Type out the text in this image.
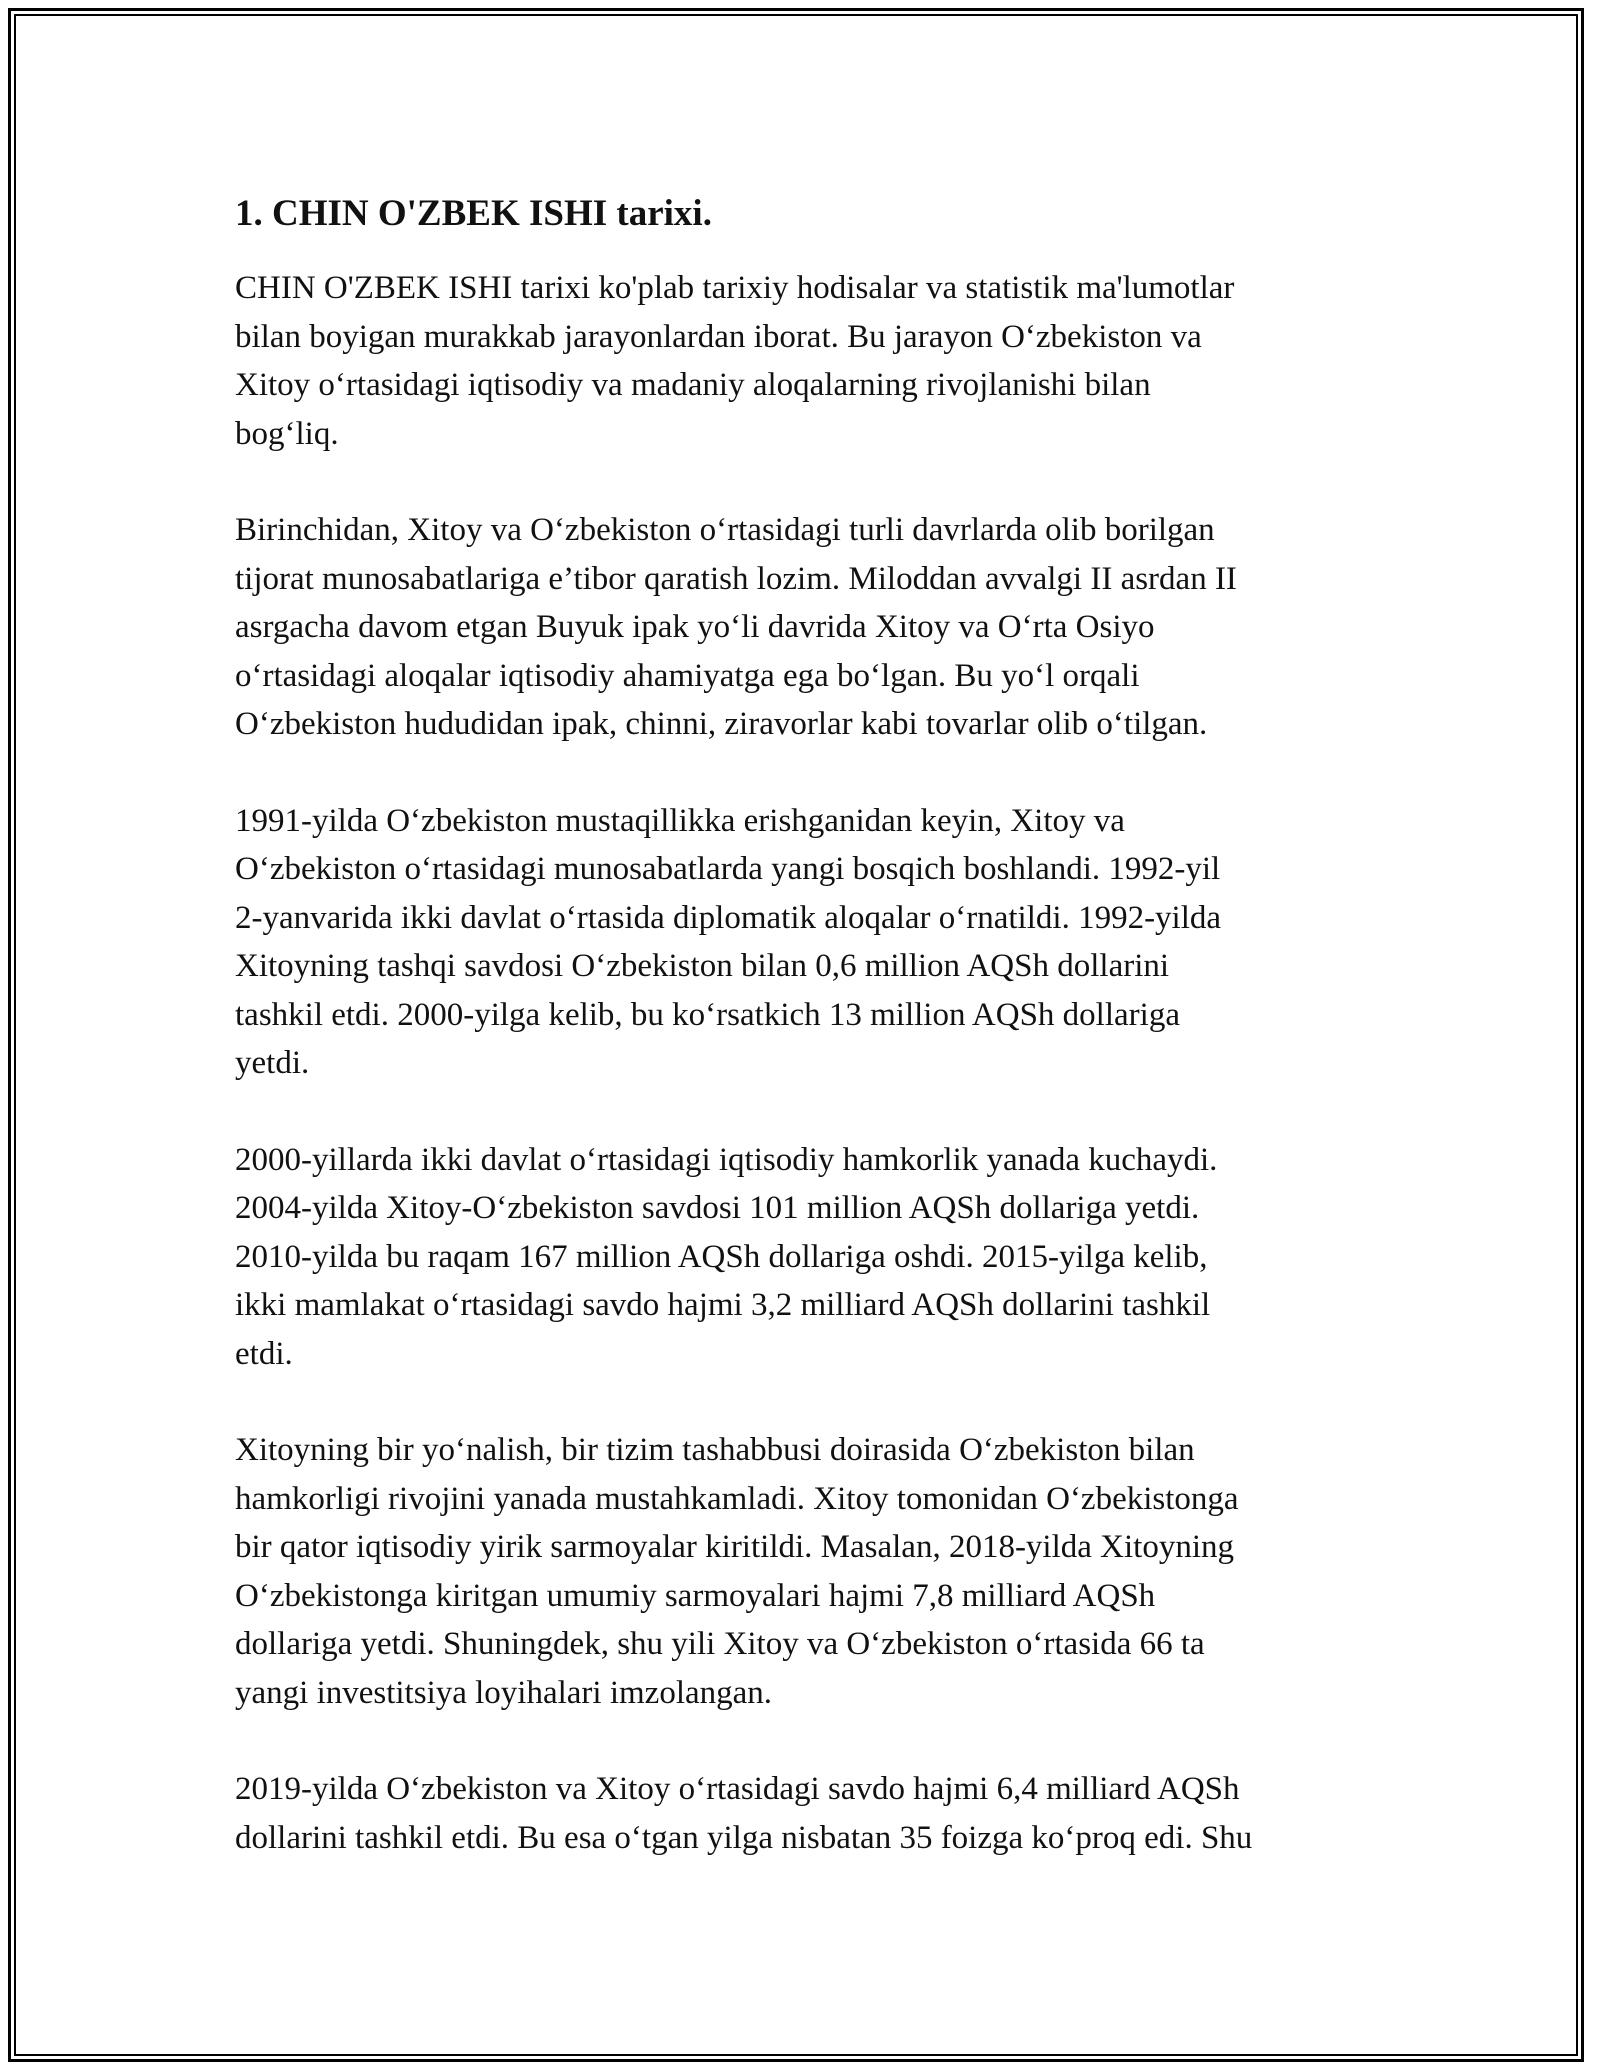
1. CHIN O'ZBEK ISHI tarixi.

CHIN O'ZBEK ISHI tarixi ko'plab tarixiy hodisalar va statistik ma'lumotlar
bilan boyigan murakkab jarayonlardan iborat. Bu jarayon O‘zbekiston va
Xitoy o‘rtasidagi iqtisodiy va madaniy aloqalarning rivojlanishi bilan
bog‘liq.

Birinchidan, Xitoy va O‘zbekiston o‘rtasidagi turli davrlarda olib borilgan
tijorat munosabatlariga e’tibor qaratish lozim. Miloddan avvalgi II asrdan II
asrgacha davom etgan Buyuk ipak yo‘li davrida Xitoy va O‘rta Osiyo
o‘rtasidagi aloqalar iqtisodiy ahamiyatga ega bo‘lgan. Bu yo‘l orqali
O‘zbekiston hududidan ipak, chinni, ziravorlar kabi tovarlar olib o‘tilgan.

1991-yilda O‘zbekiston mustaqillikka erishganidan keyin, Xitoy va
O‘zbekiston o‘rtasidagi munosabatlarda yangi bosqich boshlandi. 1992-yil
2-yanvarida ikki davlat o‘rtasida diplomatik aloqalar o‘rnatildi. 1992-yilda
Xitoyning tashqi savdosi O‘zbekiston bilan 0,6 million AQSh dollarini
tashkil etdi. 2000-yilga kelib, bu ko‘rsatkich 13 million AQSh dollariga
yetdi.

2000-yillarda ikki davlat o‘rtasidagi iqtisodiy hamkorlik yanada kuchaydi.
2004-yilda Xitoy-O‘zbekiston savdosi 101 million AQSh dollariga yetdi.
2010-yilda bu raqam 167 million AQSh dollariga oshdi. 2015-yilga kelib,
ikki mamlakat o‘rtasidagi savdo hajmi 3,2 milliard AQSh dollarini tashkil
etdi.

Xitoyning bir yo‘nalish, bir tizim tashabbusi doirasida O‘zbekiston bilan
hamkorligi rivojini yanada mustahkamladi. Xitoy tomonidan O‘zbekistonga
bir qator iqtisodiy yirik sarmoyalar kiritildi. Masalan, 2018-yilda Xitoyning
O‘zbekistonga kiritgan umumiy sarmoyalari hajmi 7,8 milliard AQSh
dollariga yetdi. Shuningdek, shu yili Xitoy va O‘zbekiston o‘rtasida 66 ta
yangi investitsiya loyihalari imzolangan.

2019-yilda O‘zbekiston va Xitoy o‘rtasidagi savdo hajmi 6,4 milliard AQSh
dollarini tashkil etdi. Bu esa o‘tgan yilga nisbatan 35 foizga ko‘proq edi. Shu
